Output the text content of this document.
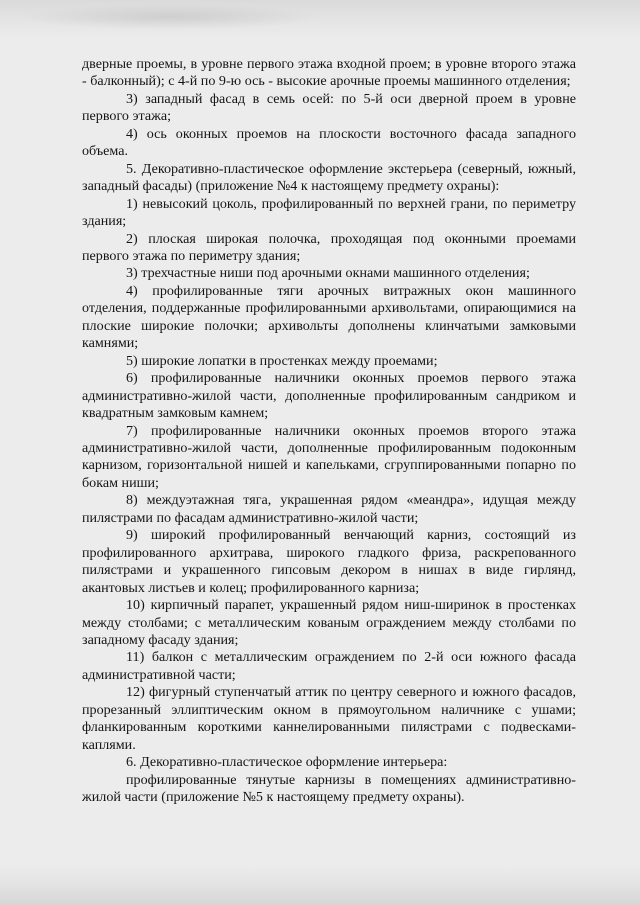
дверные проемы, в уровне первого этажа входной проем; в уровне второго этажа - балконный); с 4-й по 9-ю ось - высокие арочные проемы машинного отделения;

3) западный фасад в семь осей: по 5-й оси дверной проем в уровне первого этажа;

4) ось оконных проемов на плоскости восточного фасада западного объема.

5. Декоративно-пластическое оформление экстерьера (северный, южный, западный фасады) (приложение №4 к настоящему предмету охраны):

1) невысокий цоколь, профилированный по верхней грани, по периметру здания;

2) плоская широкая полочка, проходящая под оконными проемами первого этажа по периметру здания;

3) трехчастные ниши под арочными окнами машинного отделения;

4) профилированные тяги арочных витражных окон машинного отделения, поддержанные профилированными архивольтами, опирающимися на плоские широкие полочки; архивольты дополнены клинчатыми замковыми камнями;

5) широкие лопатки в простенках между проемами;

6) профилированные наличники оконных проемов первого этажа административно-жилой части, дополненные профилированным сандриком и квадратным замковым камнем;

7) профилированные наличники оконных проемов второго этажа административно-жилой части, дополненные профилированным подоконным карнизом, горизонтальной нишей и капельками, сгруппированными попарно по бокам ниши;

8) междуэтажная тяга, украшенная рядом «меандра», идущая между пилястрами по фасадам административно-жилой части;

9) широкий профилированный венчающий карниз, состоящий из профилированного архитрава, широкого гладкого фриза, раскрепованного пилястрами и украшенного гипсовым декором в нишах в виде гирлянд, акантовых листьев и колец; профилированного карниза;

10) кирпичный парапет, украшенный рядом ниш-ширинок в простенках между столбами; с металлическим кованым ограждением между столбами по западному фасаду здания;

11) балкон с металлическим ограждением по 2-й оси южного фасада административной части;

12) фигурный ступенчатый аттик по центру северного и южного фасадов, прорезанный эллиптическим окном в прямоугольном наличнике с ушами; фланкированным короткими каннелированными пилястрами с подвесками-каплями.

6. Декоративно-пластическое оформление интерьера:

профилированные тянутые карнизы в помещениях административно-жилой части (приложение №5 к настоящему предмету охраны).
